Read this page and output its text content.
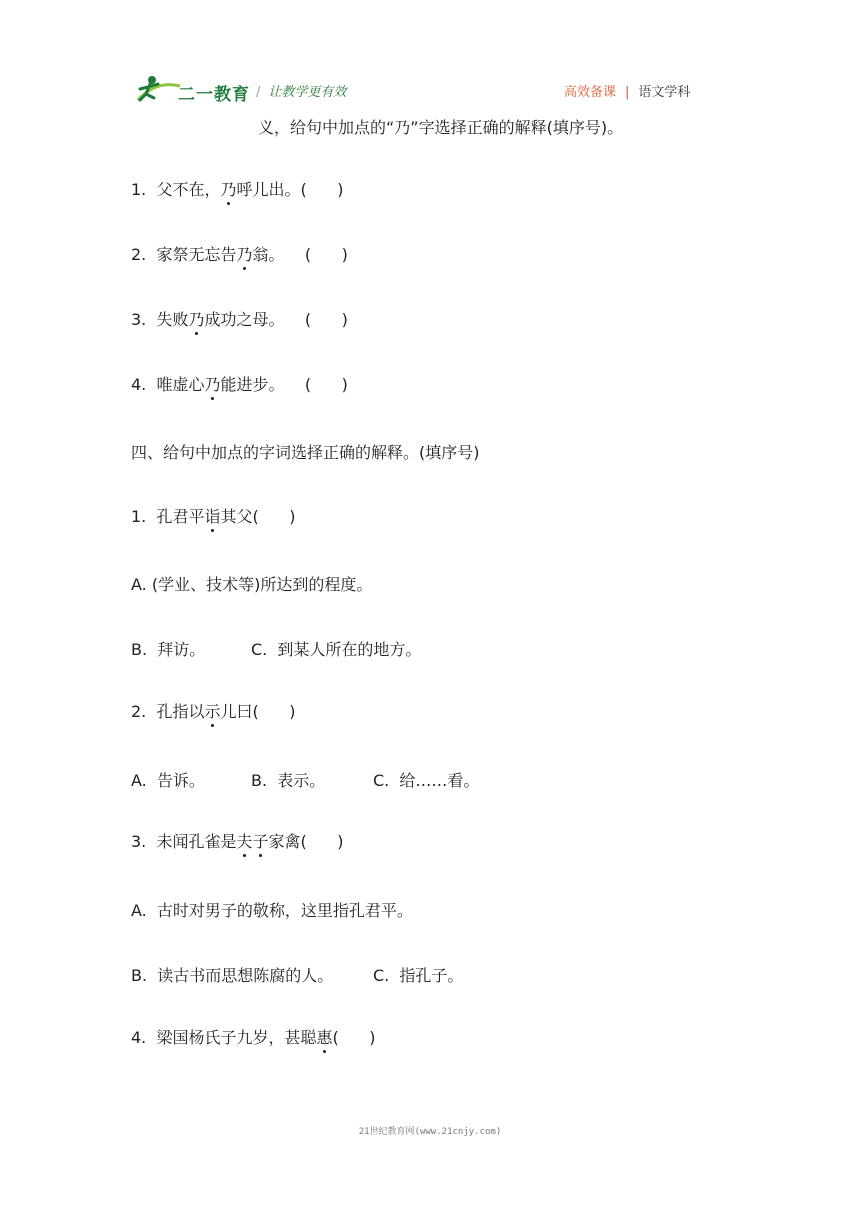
二一教育 / 让教学更有效	高效备课 | 语文学科
义，给句中加点的“乃”字选择正确的解释(填序号)。
1.  父不在，乃呼儿出。(      )
2.  家祭无忘告乃翁。    (      )
3.  失败乃成功之母。    (      )
4.  唯虚心乃能进步。    (      )
四、给句中加点的字词选择正确的解释。(填序号)
1.  孔君平诣其父(      )
A. (学业、技术等)所达到的程度。
B.  拜访。	C.  到某人所在的地方。
2.  孔指以示儿曰(      )
A.  告诉。	B.  表示。	C.  给……看。
3.  未闻孔雀是夫子家禽(      )
A.  古时对男子的敬称，这里指孔君平。
B.  读古书而思想陈腐的人。 C.  指孔子。
4.  梁国杨氏子九岁，甚聪惠(      )
21世纪教育网(www.21cnjy.com)
